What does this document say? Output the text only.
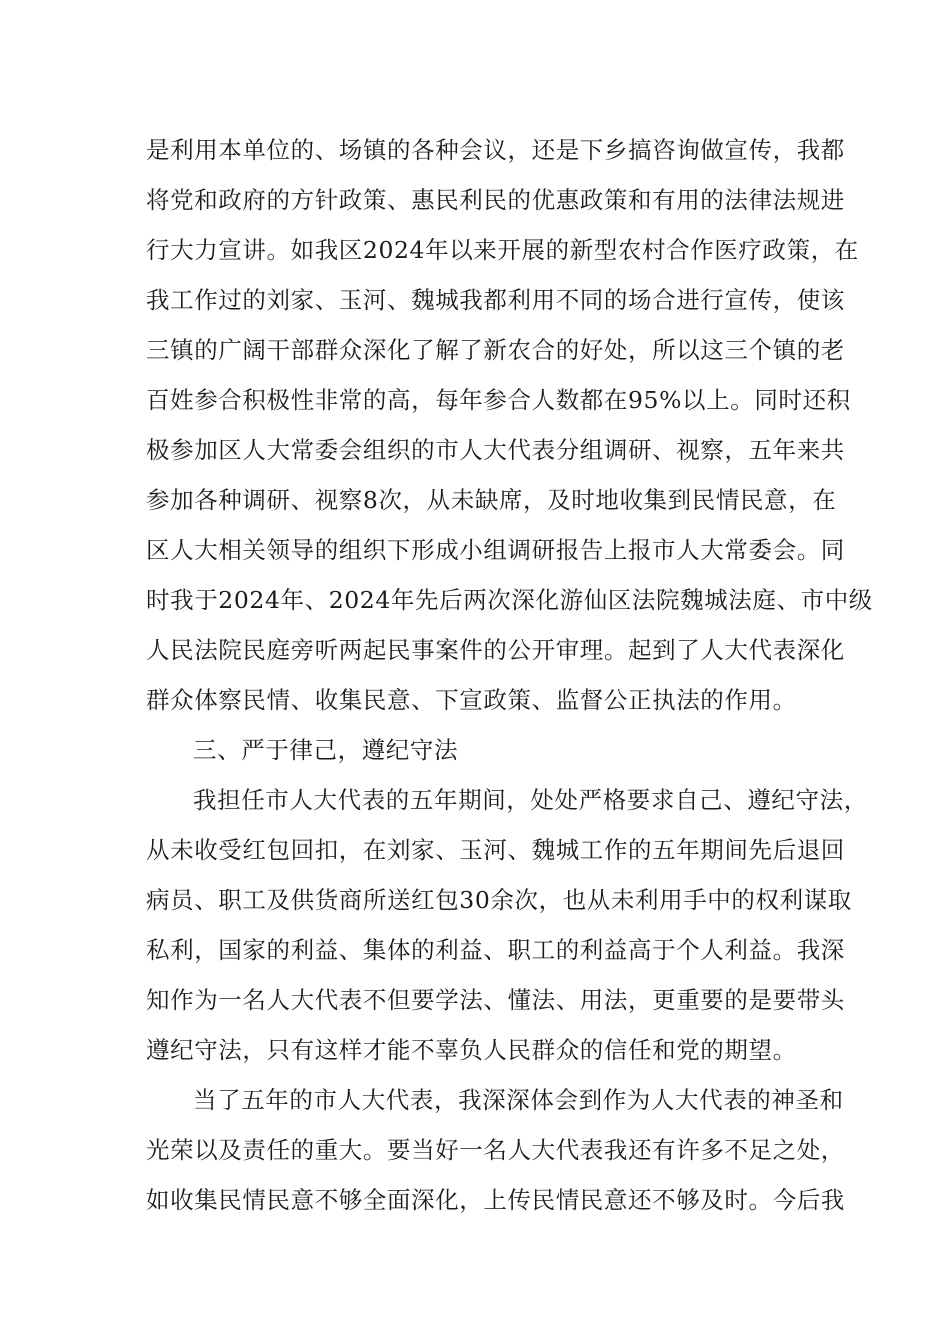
是利用本单位的、场镇的各种会议，还是下乡搞咨询做宣传，我都
将党和政府的方针政策、惠民利民的优惠政策和有用的法律法规进
行大力宣讲。如我区2024年以来开展的新型农村合作医疗政策，在
我工作过的刘家、玉河、魏城我都利用不同的场合进行宣传，使该
三镇的广阔干部群众深化了解了新农合的好处，所以这三个镇的老
百姓参合积极性非常的高，每年参合人数都在95%以上。同时还积
极参加区人大常委会组织的市人大代表分组调研、视察，五年来共
参加各种调研、视察8次，从未缺席，及时地收集到民情民意，在
区人大相关领导的组织下形成小组调研报告上报市人大常委会。同
时我于2024年、2024年先后两次深化游仙区法院魏城法庭、市中级
人民法院民庭旁听两起民事案件的公开审理。起到了人大代表深化
群众体察民情、收集民意、下宣政策、监督公正执法的作用。
三、严于律己，遵纪守法
我担任市人大代表的五年期间，处处严格要求自己、遵纪守法，
从未收受红包回扣，在刘家、玉河、魏城工作的五年期间先后退回
病员、职工及供货商所送红包30余次，也从未利用手中的权利谋取
私利，国家的利益、集体的利益、职工的利益高于个人利益。我深
知作为一名人大代表不但要学法、懂法、用法，更重要的是要带头
遵纪守法，只有这样才能不辜负人民群众的信任和党的期望。
当了五年的市人大代表，我深深体会到作为人大代表的神圣和
光荣以及责任的重大。要当好一名人大代表我还有许多不足之处，
如收集民情民意不够全面深化，上传民情民意还不够及时。今后我
